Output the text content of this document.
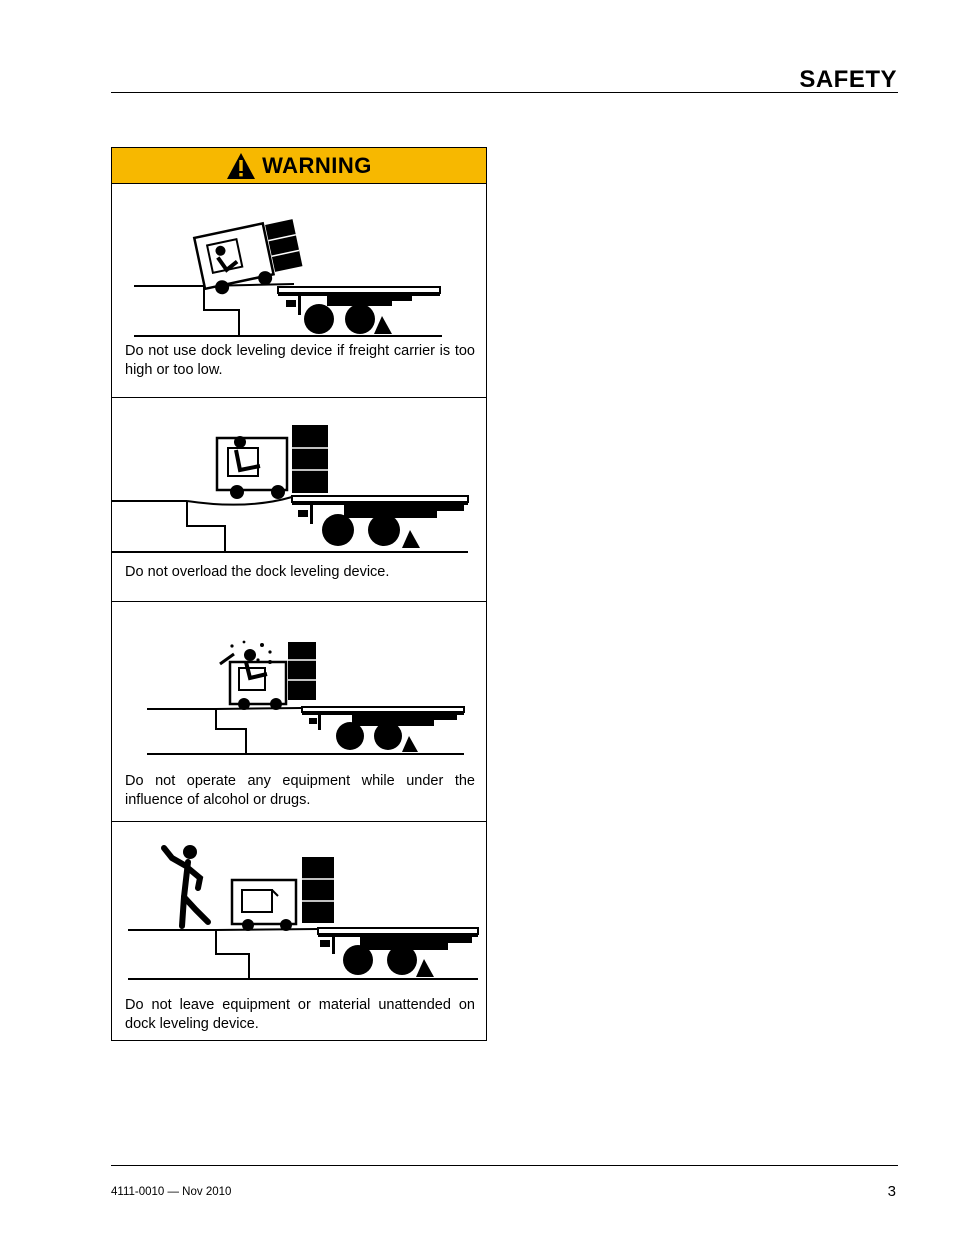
SAFETY
WARNING
Do not use dock leveling device if freight carrier is too high or too low.
Do not overload the dock leveling device.
Do not operate any equipment while under the influence of alcohol or drugs.
Do not leave equipment or material unattended on dock leveling device.
4111-0010 — Nov 2010	3
